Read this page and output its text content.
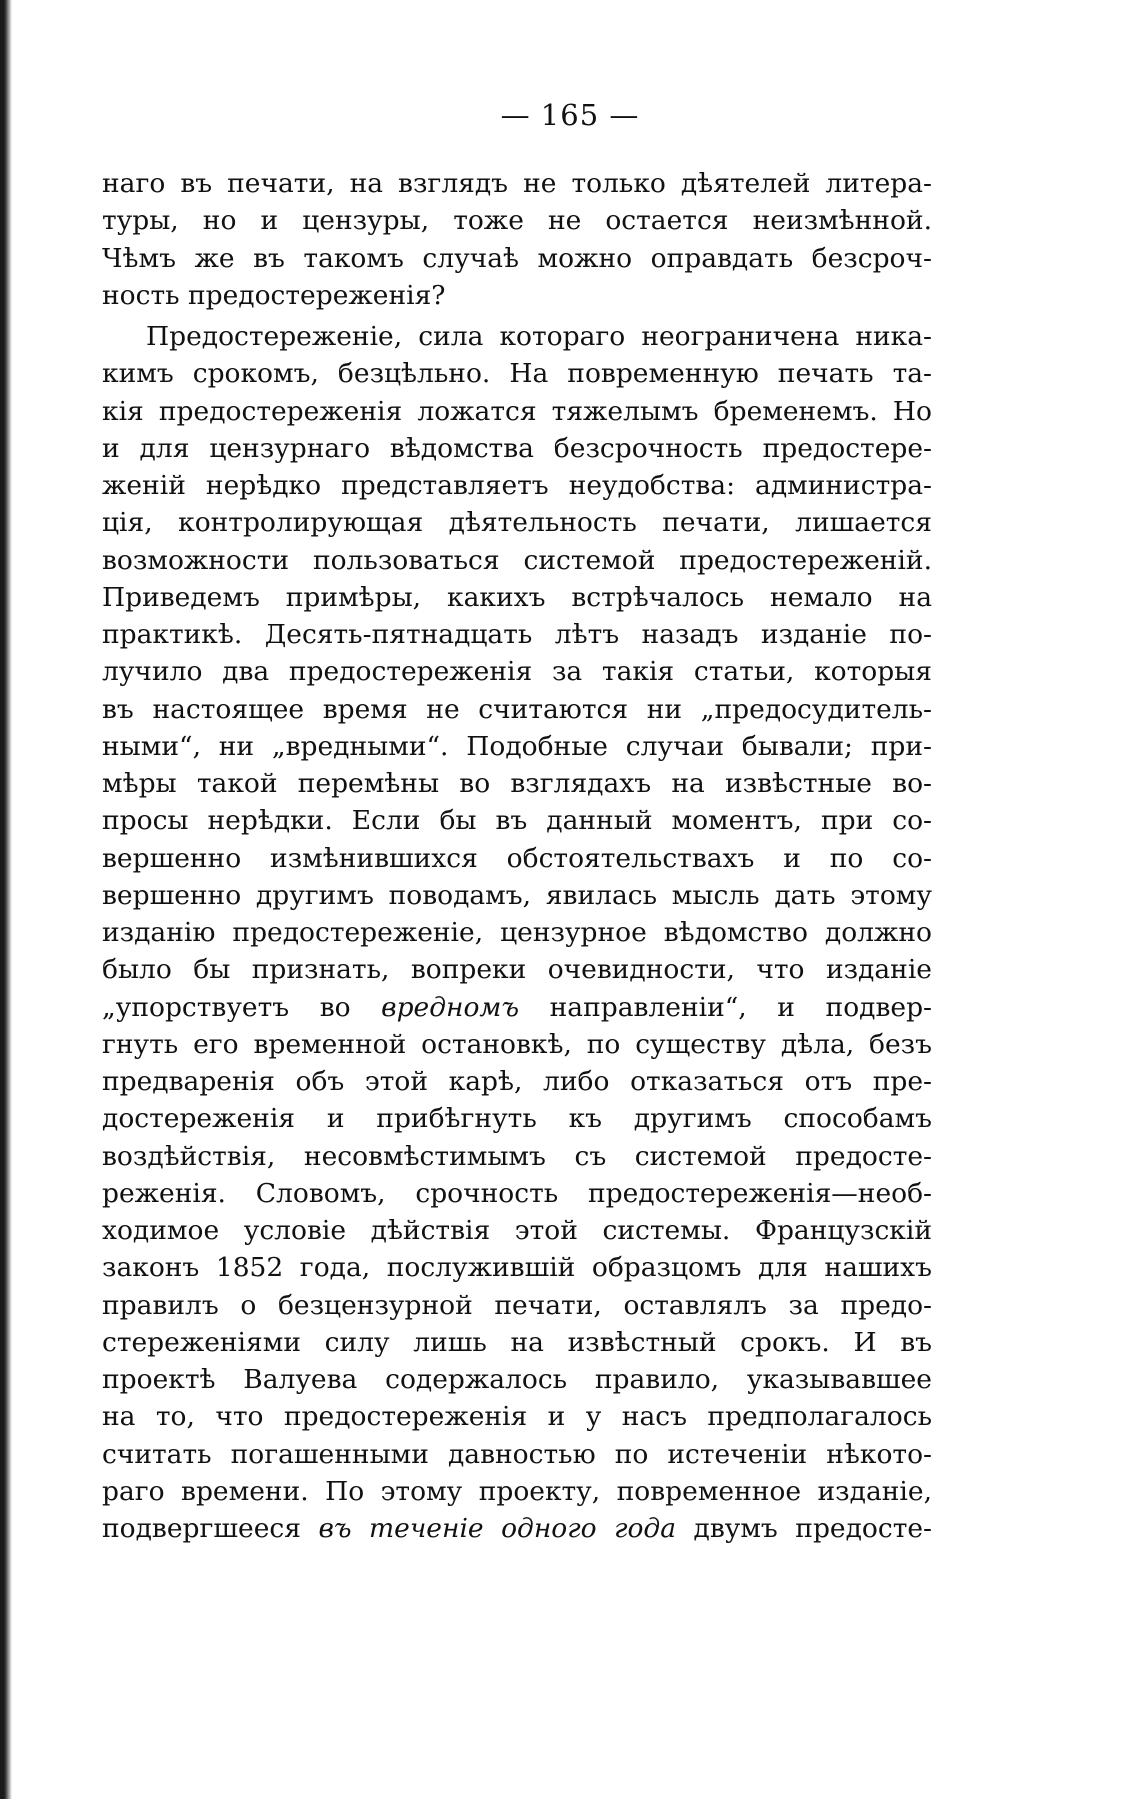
— 165 —
наго въ печати, на взглядъ не только дѣятелей литера-
туры, но и цензуры, тоже не остается неизмѣнной.
Чѣмъ же въ такомъ случаѣ можно оправдать безсроч-
ность предостереженія?
Предостереженіе, сила котораго неограничена ника-
кимъ срокомъ, безцѣльно. На повременную печать та-
кія предостереженія ложатся тяжелымъ бременемъ. Но
и для цензурнаго вѣдомства безсрочность предостере-
женій нерѣдко представляетъ неудобства: администра-
ція, контролирующая дѣятельность печати, лишается
возможности пользоваться системой предостереженій.
Приведемъ примѣры, какихъ встрѣчалось немало на
практикѣ. Десять-пятнадцать лѣтъ назадъ изданіе по-
лучило два предостереженія за такія статьи, которыя
въ настоящее время не считаются ни „предосудитель-
ными“, ни „вредными“. Подобные случаи бывали; при-
мѣры такой перемѣны во взглядахъ на извѣстные во-
просы нерѣдки. Если бы въ данный моментъ, при со-
вершенно измѣнившихся обстоятельствахъ и по со-
вершенно другимъ поводамъ, явилась мысль дать этому
изданію предостереженіе, цензурное вѣдомство должно
было бы признать, вопреки очевидности, что изданіе
„упорствуетъ во вредномъ направленіи“, и подвер-
гнуть его временной остановкѣ, по существу дѣла, безъ
предваренія объ этой карѣ, либо отказаться отъ пре-
достереженія и прибѣгнуть къ другимъ способамъ
воздѣйствія, несовмѣстимымъ съ системой предосте-
реженія. Словомъ, срочность предостереженія—необ-
ходимое условіе дѣйствія этой системы. Французскій
законъ 1852 года, послужившій образцомъ для нашихъ
правилъ о безцензурной печати, оставлялъ за предо-
стереженіями силу лишь на извѣстный срокъ. И въ
проектѣ Валуева содержалось правило, указывавшее
на то, что предостереженія и у насъ предполагалось
считать погашенными давностью по истеченіи нѣкото-
раго времени. По этому проекту, повременное изданіе,
подвергшееся въ теченіе одного года двумъ предосте-
